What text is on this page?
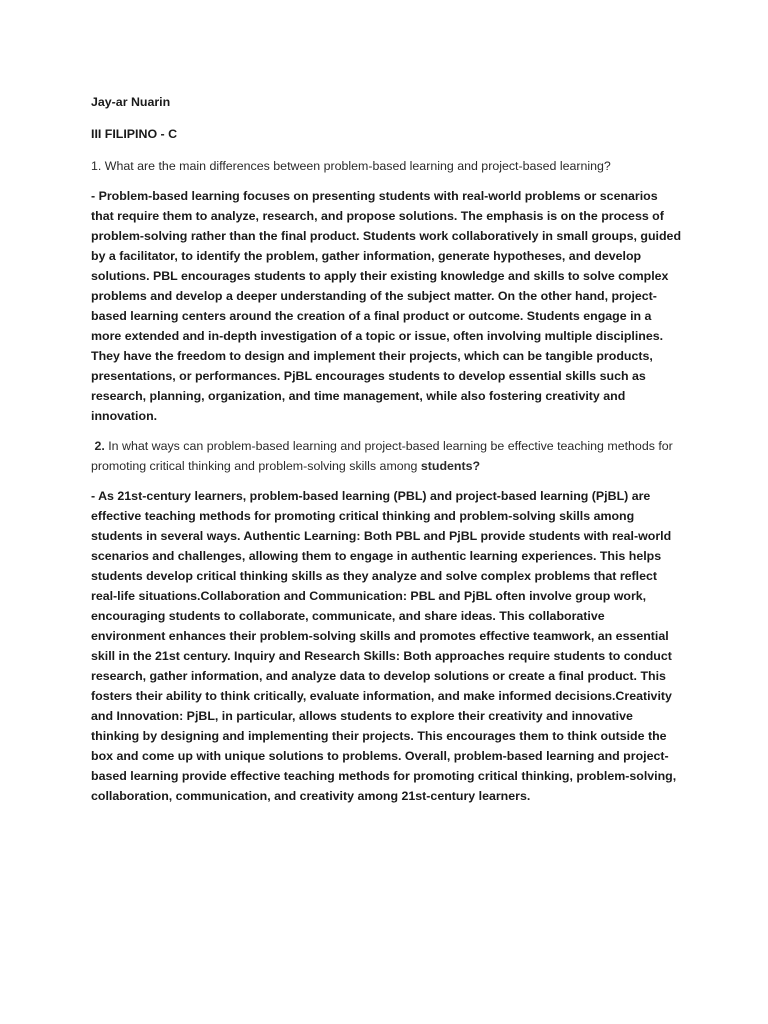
Jay-ar Nuarin

III FILIPINO - C

1. What are the main differences between problem-based learning and project-based learning?

- Problem-based learning focuses on presenting students with real-world problems or scenarios that require them to analyze, research, and propose solutions. The emphasis is on the process of problem-solving rather than the final product. Students work collaboratively in small groups, guided by a facilitator, to identify the problem, gather information, generate hypotheses, and develop solutions. PBL encourages students to apply their existing knowledge and skills to solve complex problems and develop a deeper understanding of the subject matter. On the other hand, project-based learning centers around the creation of a final product or outcome. Students engage in a more extended and in-depth investigation of a topic or issue, often involving multiple disciplines. They have the freedom to design and implement their projects, which can be tangible products, presentations, or performances. PjBL encourages students to develop essential skills such as research, planning, organization, and time management, while also fostering creativity and innovation.

2. In what ways can problem-based learning and project-based learning be effective teaching methods for promoting critical thinking and problem-solving skills among students?

- As 21st-century learners, problem-based learning (PBL) and project-based learning (PjBL) are effective teaching methods for promoting critical thinking and problem-solving skills among students in several ways. Authentic Learning: Both PBL and PjBL provide students with real-world scenarios and challenges, allowing them to engage in authentic learning experiences. This helps students develop critical thinking skills as they analyze and solve complex problems that reflect real-life situations.Collaboration and Communication: PBL and PjBL often involve group work, encouraging students to collaborate, communicate, and share ideas. This collaborative environment enhances their problem-solving skills and promotes effective teamwork, an essential skill in the 21st century. Inquiry and Research Skills: Both approaches require students to conduct research, gather information, and analyze data to develop solutions or create a final product. This fosters their ability to think critically, evaluate information, and make informed decisions.Creativity and Innovation: PjBL, in particular, allows students to explore their creativity and innovative thinking by designing and implementing their projects. This encourages them to think outside the box and come up with unique solutions to problems. Overall, problem-based learning and project-based learning provide effective teaching methods for promoting critical thinking, problem-solving, collaboration, communication, and creativity among 21st-century learners.
